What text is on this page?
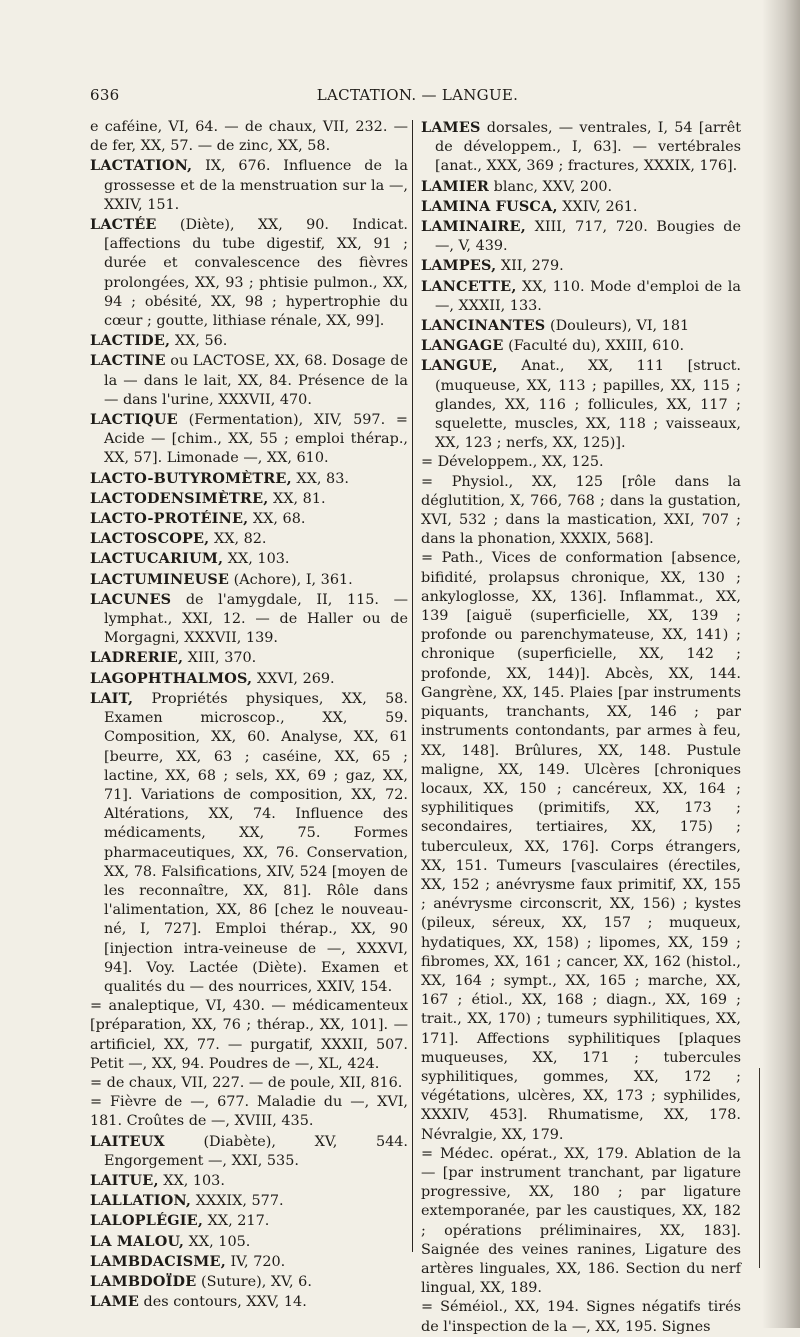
636	LACTATION. — LANGUE.

e caféine, VI, 64. — de chaux, VII, 232. — de fer, XX, 57. — de zinc, XX, 58.

LACTATION, IX, 676. Influence de la grossesse et de la menstruation sur la —, XXIV, 151.

LACTÉE (Diète), XX, 90. Indicat. [affections du tube digestif, XX, 91 ; durée et convalescence des fièvres prolongées, XX, 93 ; phtisie pulmon., XX, 94 ; obésité, XX, 98 ; hypertrophie du cœur ; goutte, lithiase rénale, XX, 99].

LACTIDE, XX, 56.

LACTINE ou LACTOSE, XX, 68. Dosage de la — dans le lait, XX, 84. Présence de la — dans l'urine, XXXVII, 470.

LACTIQUE (Fermentation), XIV, 597. = Acide — [chim., XX, 55 ; emploi thérap., XX, 57]. Limonade —, XX, 610.

LACTO-BUTYROMÈTRE, XX, 83.

LACTODENSIMÈTRE, XX, 81.

LACTO-PROTÉINE, XX, 68.

LACTOSCOPE, XX, 82.

LACTUCARIUM, XX, 103.

LACTUMINEUSE (Achore), I, 361.

LACUNES de l'amygdale, II, 115. — lymphat., XXI, 12. — de Haller ou de Morgagni, XXXVII, 139.

LADRERIE, XIII, 370.

LAGOPHTHALMOS, XXVI, 269.

LAIT, Propriétés physiques, XX, 58. Examen microscop., XX, 59. Composition, XX, 60. Analyse, XX, 61 [beurre, XX, 63 ; caséine, XX, 65 ; lactine, XX, 68 ; sels, XX, 69 ; gaz, XX, 71]. Variations de composition, XX, 72. Altérations, XX, 74. Influence des médicaments, XX, 75. Formes pharmaceutiques, XX, 76. Conservation, XX, 78. Falsifications, XIV, 524 [moyen de les reconnaître, XX, 81]. Rôle dans l'alimentation, XX, 86 [chez le nouveau-né, I, 727]. Emploi thérap., XX, 90 [injection intra-veineuse de —, XXXVI, 94]. Voy. Lactée (Diète). Examen et qualités du — des nourrices, XXIV, 154.

= analeptique, VI, 430. — médicamenteux [préparation, XX, 76 ; thérap., XX, 101]. — artificiel, XX, 77. — purgatif, XXXII, 507. Petit —, XX, 94. Poudres de —, XL, 424.

= de chaux, VII, 227. — de poule, XII, 816.

= Fièvre de —, 677. Maladie du —, XVI, 181. Croûtes de —, XVIII, 435.

LAITEUX (Diabète), XV, 544. Engorgement —, XXI, 535.

LAITUE, XX, 103.

LALLATION, XXXIX, 577.

LALOPLÉGIE, XX, 217.

LA MALOU, XX, 105.

LAMBDACISME, IV, 720.

LAMBDOÏDE (Suture), XV, 6.

LAME des contours, XXV, 14.

LAMES dorsales, — ventrales, I, 54 [arrêt de développem., I, 63]. — vertébrales [anat., XXX, 369 ; fractures, XXXIX, 176].

LAMIER blanc, XXV, 200.

LAMINA FUSCA, XXIV, 261.

LAMINAIRE, XIII, 717, 720. Bougies de —, V, 439.

LAMPES, XII, 279.

LANCETTE, XX, 110. Mode d'emploi de la —, XXXII, 133.

LANCINANTES (Douleurs), VI, 181

LANGAGE (Faculté du), XXIII, 610.

LANGUE, Anat., XX, 111 [struct. (muqueuse, XX, 113 ; papilles, XX, 115 ; glandes, XX, 116 ; follicules, XX, 117 ; squelette, muscles, XX, 118 ; vaisseaux, XX, 123 ; nerfs, XX, 125)].

= Développem., XX, 125.

= Physiol., XX, 125 [rôle dans la déglutition, X, 766, 768 ; dans la gustation, XVI, 532 ; dans la mastication, XXI, 707 ; dans la phonation, XXXIX, 568].

= Path., Vices de conformation [absence, bifidité, prolapsus chronique, XX, 130 ; ankyloglosse, XX, 136]. Inflammat., XX, 139 [aiguë (superficielle, XX, 139 ; profonde ou parenchymateuse, XX, 141) ; chronique (superficielle, XX, 142 ; profonde, XX, 144)]. Abcès, XX, 144. Gangrène, XX, 145. Plaies [par instruments piquants, tranchants, XX, 146 ; par instruments contondants, par armes à feu, XX, 148]. Brûlures, XX, 148. Pustule maligne, XX, 149. Ulcères [chroniques locaux, XX, 150 ; cancéreux, XX, 164 ; syphilitiques (primitifs, XX, 173 ; secondaires, tertiaires, XX, 175) ; tuberculeux, XX, 176]. Corps étrangers, XX, 151. Tumeurs [vasculaires (érectiles, XX, 152 ; anévrysme faux primitif, XX, 155 ; anévrysme circonscrit, XX, 156) ; kystes (pileux, séreux, XX, 157 ; muqueux, hydatiques, XX, 158) ; lipomes, XX, 159 ; fibromes, XX, 161 ; cancer, XX, 162 (histol., XX, 164 ; sympt., XX, 165 ; marche, XX, 167 ; étiol., XX, 168 ; diagn., XX, 169 ; trait., XX, 170) ; tumeurs syphilitiques, XX, 171]. Affections syphilitiques [plaques muqueuses, XX, 171 ; tubercules syphilitiques, gommes, XX, 172 ; végétations, ulcères, XX, 173 ; syphilides, XXXIV, 453]. Rhumatisme, XX, 178. Névralgie, XX, 179.

= Médec. opérat., XX, 179. Ablation de la — [par instrument tranchant, par ligature progressive, XX, 180 ; par ligature extemporanée, par les caustiques, XX, 182 ; opérations préliminaires, XX, 183]. Saignée des veines ranines, Ligature des artères linguales, XX, 186. Section du nerf lingual, XX, 189.

= Séméiol., XX, 194. Signes négatifs tirés de l'inspection de la —, XX, 195. Signes
